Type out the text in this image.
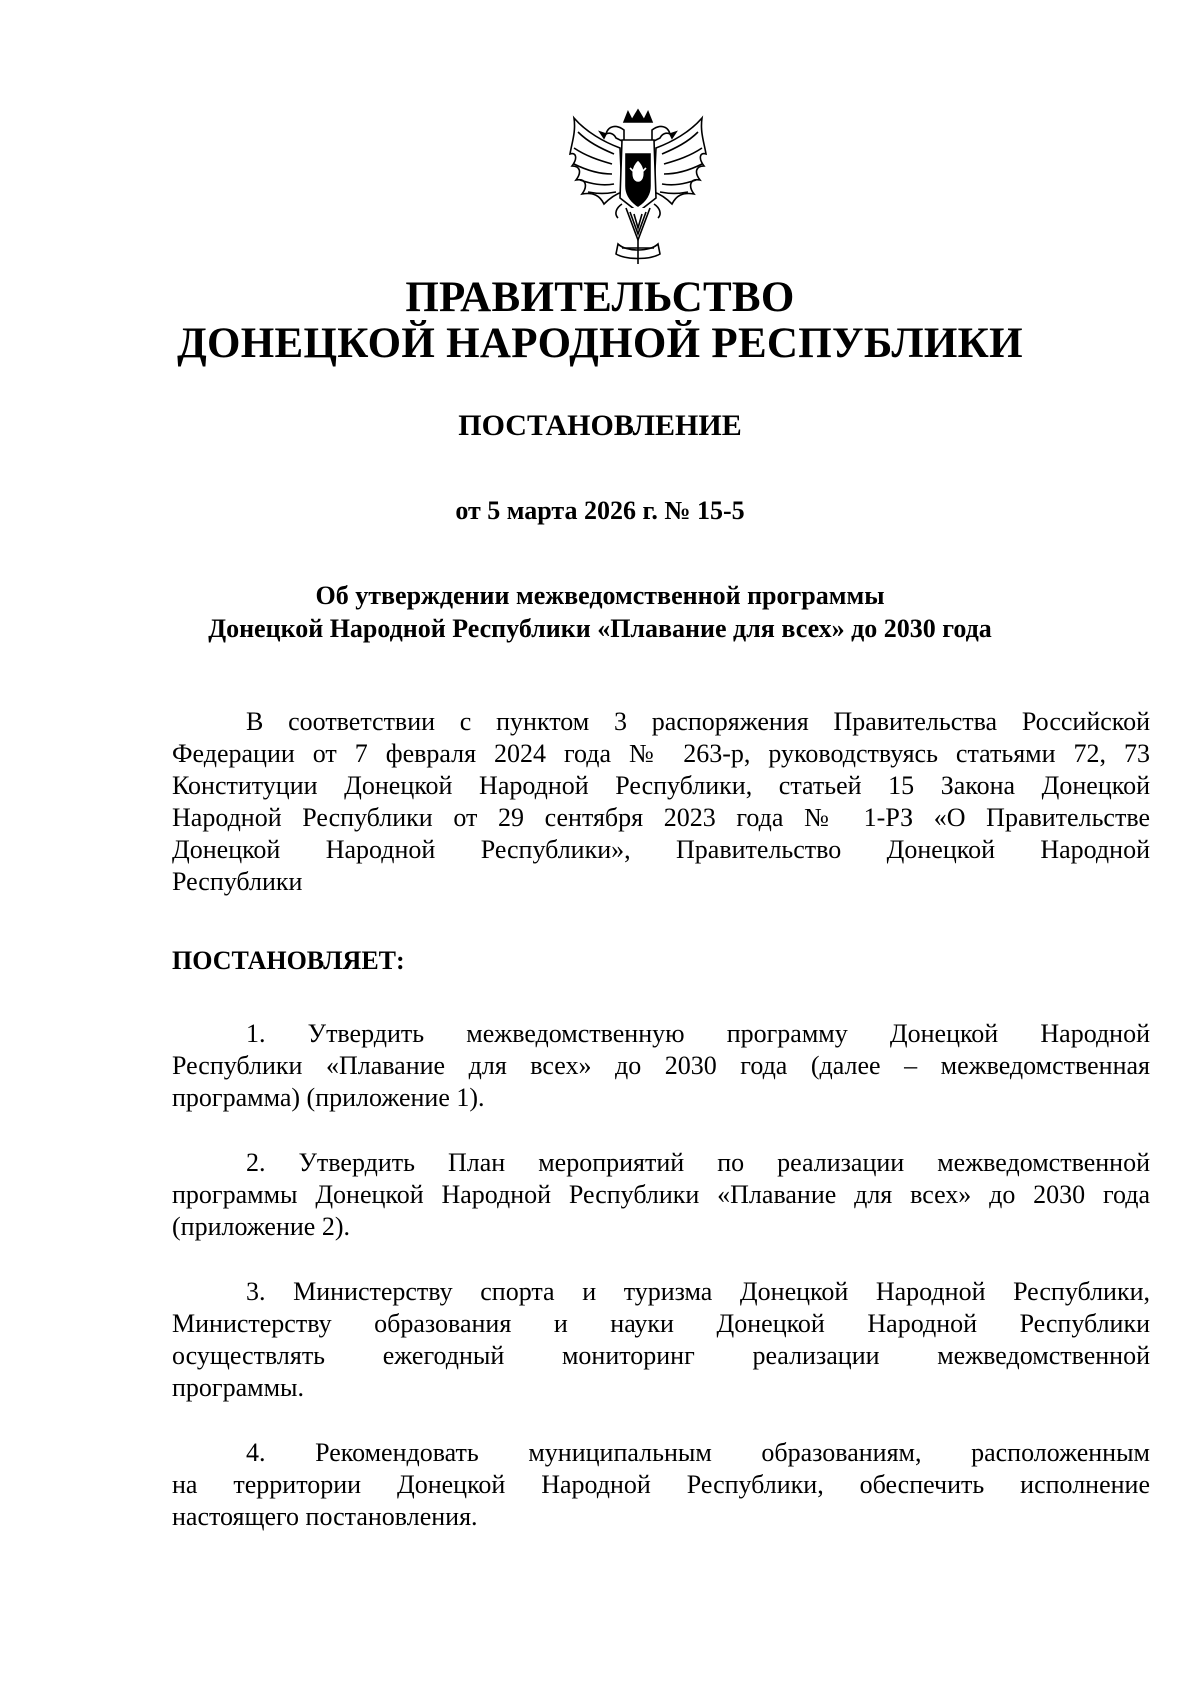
ПРАВИТЕЛЬСТВО
ДОНЕЦКОЙ НАРОДНОЙ РЕСПУБЛИКИ
ПОСТАНОВЛЕНИЕ
от 5 марта 2026 г. № 15-5
Об утверждении межведомственной программы
Донецкой Народной Республики «Плавание для всех» до 2030 года
В соответствии с пунктом 3 распоряжения Правительства Российской
Федерации от 7 февраля 2024 года № 263-р, руководствуясь статьями 72, 73
Конституции Донецкой Народной Республики, статьей 15 Закона Донецкой
Народной Республики от 29 сентября 2023 года № 1-РЗ «О Правительстве
Донецкой Народной Республики», Правительство Донецкой Народной
Республики
ПОСТАНОВЛЯЕТ:
1. Утвердить межведомственную программу Донецкой Народной
Республики «Плавание для всех» до 2030 года (далее – межведомственная
программа) (приложение 1).
2. Утвердить План мероприятий по реализации межведомственной
программы Донецкой Народной Республики «Плавание для всех» до 2030 года
(приложение 2).
3. Министерству спорта и туризма Донецкой Народной Республики,
Министерству образования и науки Донецкой Народной Республики
осуществлять ежегодный мониторинг реализации межведомственной
программы.
4. Рекомендовать муниципальным образованиям, расположенным
на территории Донецкой Народной Республики, обеспечить исполнение
настоящего постановления.
